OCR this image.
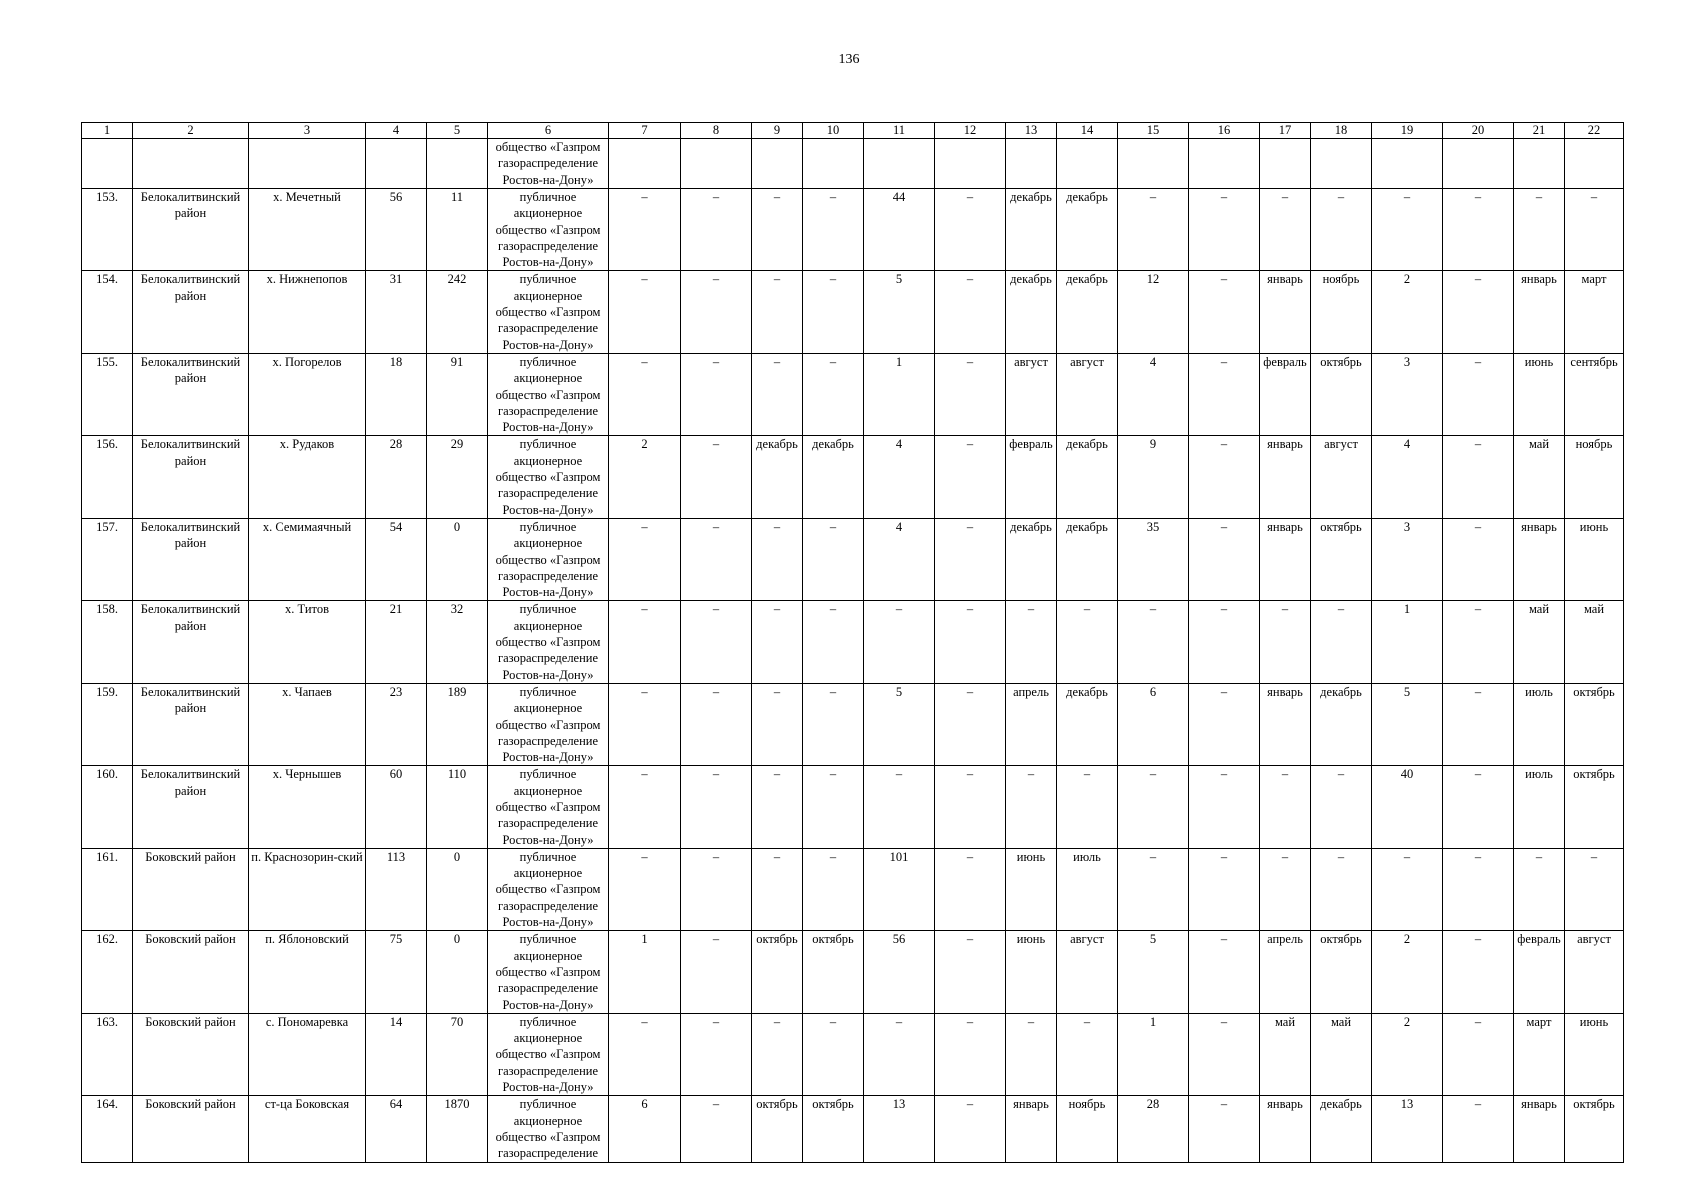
136
1	2	3	4	5	6	7	8	9	10	11	12	13	14	15	16	17	18	19	20	21	22
					общество «Газпром
газораспределение
Ростов-на-Дону»																
153.	Белокалитвинский район	х. Мечетный	56	11	публичное
акционерное
общество «Газпром
газораспределение
Ростов-на-Дону»	–	–	–	–	44	–	декабрь	декабрь	–	–	–	–	–	–	–	–
154.	Белокалитвинский район	х. Нижнепопов	31	242	публичное
акционерное
общество «Газпром
газораспределение
Ростов-на-Дону»	–	–	–	–	5	–	декабрь	декабрь	12	–	январь	ноябрь	2	–	январь	март
155.	Белокалитвинский район	х. Погорелов	18	91	публичное
акционерное
общество «Газпром
газораспределение
Ростов-на-Дону»	–	–	–	–	1	–	август	август	4	–	февраль	октябрь	3	–	июнь	сентябрь
156.	Белокалитвинский район	х. Рудаков	28	29	публичное
акционерное
общество «Газпром
газораспределение
Ростов-на-Дону»	2	–	декабрь	декабрь	4	–	февраль	декабрь	9	–	январь	август	4	–	май	ноябрь
157.	Белокалитвинский район	х. Семимаячный	54	0	публичное
акционерное
общество «Газпром
газораспределение
Ростов-на-Дону»	–	–	–	–	4	–	декабрь	декабрь	35	–	январь	октябрь	3	–	январь	июнь
158.	Белокалитвинский район	х. Титов	21	32	публичное
акционерное
общество «Газпром
газораспределение
Ростов-на-Дону»	–	–	–	–	–	–	–	–	–	–	–	–	1	–	май	май
159.	Белокалитвинский район	х. Чапаев	23	189	публичное
акционерное
общество «Газпром
газораспределение
Ростов-на-Дону»	–	–	–	–	5	–	апрель	декабрь	6	–	январь	декабрь	5	–	июль	октябрь
160.	Белокалитвинский район	х. Чернышев	60	110	публичное
акционерное
общество «Газпром
газораспределение
Ростов-на-Дону»	–	–	–	–	–	–	–	–	–	–	–	–	40	–	июль	октябрь
161.	Боковский район	п. Краснозорин-ский	113	0	публичное
акционерное
общество «Газпром
газораспределение
Ростов-на-Дону»	–	–	–	–	101	–	июнь	июль	–	–	–	–	–	–	–	–
162.	Боковский район	п. Яблоновский	75	0	публичное
акционерное
общество «Газпром
газораспределение
Ростов-на-Дону»	1	–	октябрь	октябрь	56	–	июнь	август	5	–	апрель	октябрь	2	–	февраль	август
163.	Боковский район	с. Пономаревка	14	70	публичное
акционерное
общество «Газпром
газораспределение
Ростов-на-Дону»	–	–	–	–	–	–	–	–	1	–	май	май	2	–	март	июнь
164.	Боковский район	ст-ца Боковская	64	1870	публичное
акционерное
общество «Газпром
газораспределение	6	–	октябрь	октябрь	13	–	январь	ноябрь	28	–	январь	декабрь	13	–	январь	октябрь
